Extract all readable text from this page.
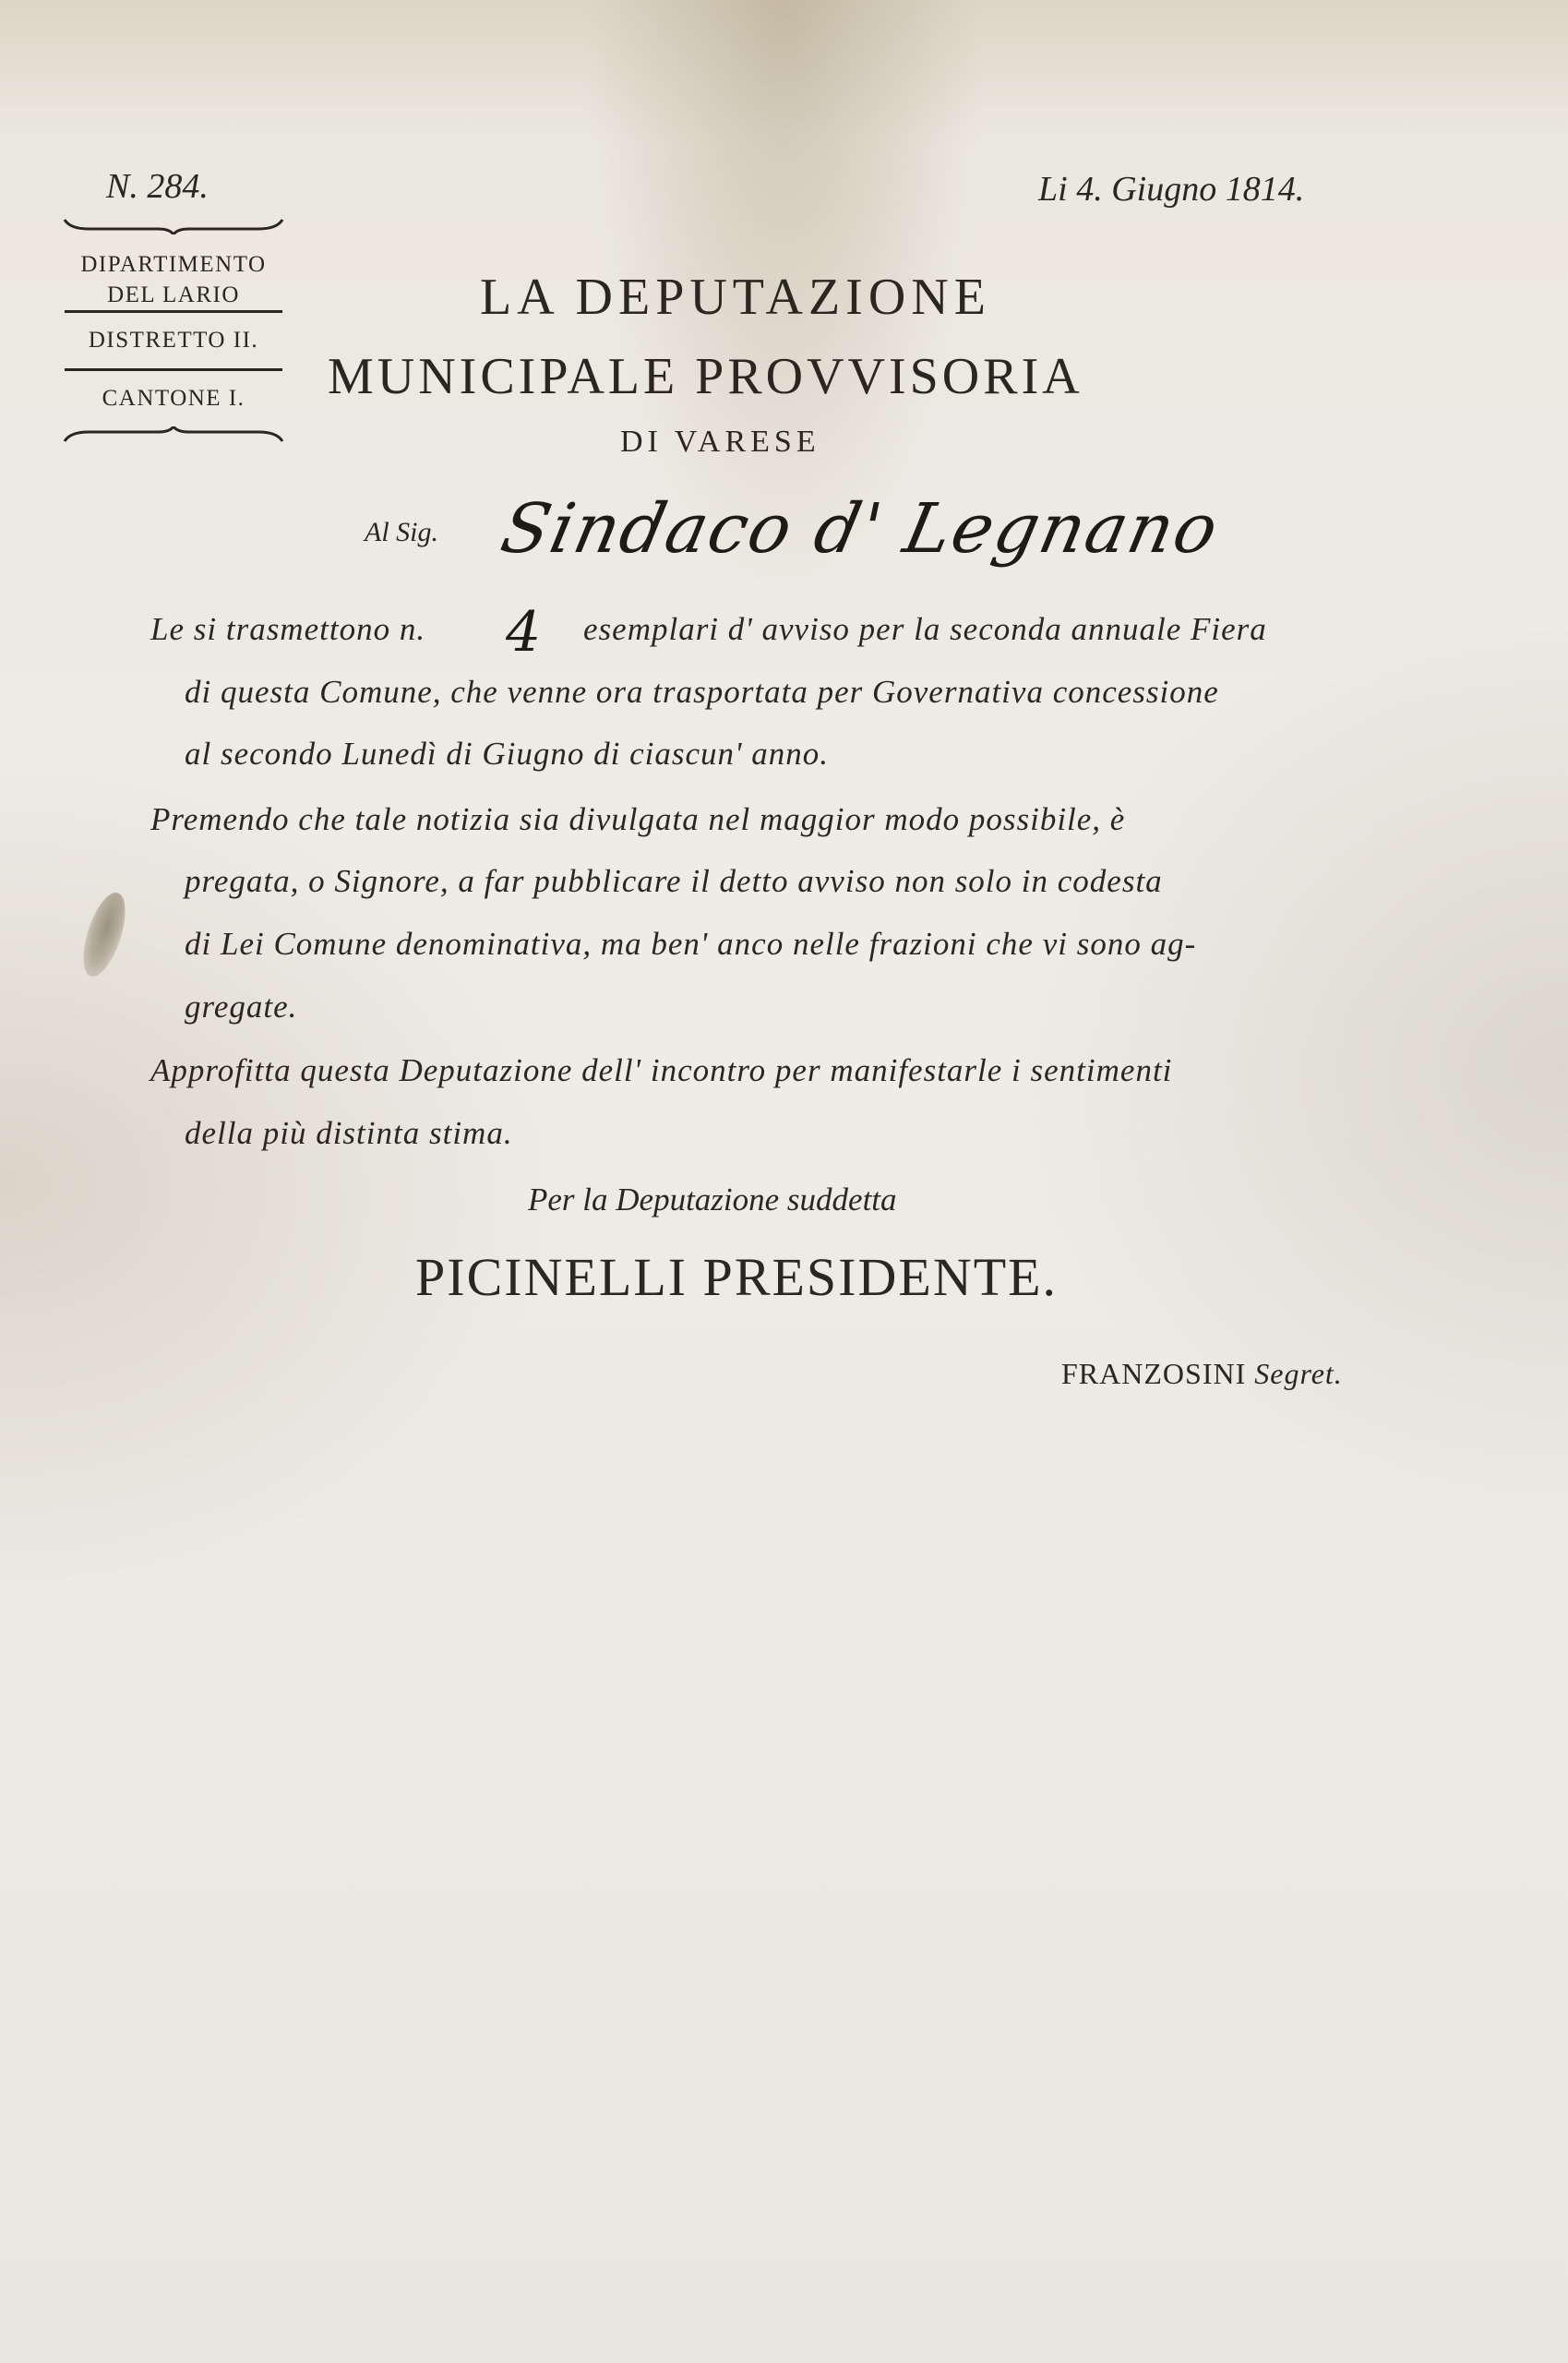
N. 284.	Li 4. Giugno 1814.
DIPARTIMENTO
DEL LARIO
DISTRETTO II.
CANTONE I.
LA DEPUTAZIONE
MUNICIPALE PROVVISORIA
DI VARESE
Al Sig. Sindaco d' Legnano
Le si trasmettono n. 4 esemplari d' avviso per la seconda annuale Fiera
di questa Comune, che venne ora trasportata per Governativa concessione
al secondo Lunedì di Giugno di ciascun' anno.
Premendo che tale notizia sia divulgata nel maggior modo possibile, è
pregata, o Signore, a far pubblicare il detto avviso non solo in codesta
di Lei Comune denominativa, ma ben' anco nelle frazioni che vi sono ag-
gregate.
Approfitta questa Deputazione dell' incontro per manifestarle i sentimenti
della più distinta stima.
Per la Deputazione suddetta
PICINELLI PRESIDENTE.
FRANZOSINI Segret.
